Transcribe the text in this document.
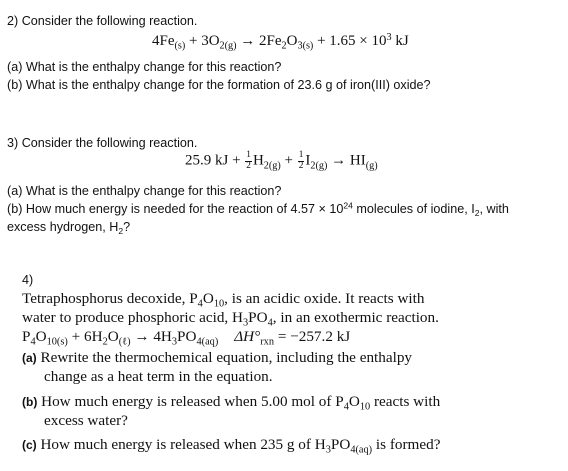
2) Consider the following reaction.
$4Fe_{(s)} + 3O_{2(g)} \to 2Fe_2O_{3(s)} + 1.65 \times 10^3$ kJ
(a) What is the enthalpy change for this reaction?
(b) What is the enthalpy change for the formation of 23.6 g of iron(III) oxide?
3) Consider the following reaction.
25.9 kJ + $\frac{1}{2} H_{2(g)} + \frac{1}{2} I_{2(g)} \to HI_{(g)}$
(a) What is the enthalpy change for this reaction?
(b) How much energy is needed for the reaction of $4.57 \times 10^{24}$ molecules of iodine, $I_2$, with
excess hydrogen, $H_2$?
4)
Tetraphosphorus decoxide, $P_4O_{10}$, is an acidic oxide. It reacts with
water to produce phosphoric acid, $H_3PO_4$, in an exothermic reaction.
$P_4O_{10(s)} + 6H_2O_{(\ell)} \to 4H_3PO_{4(aq)}$ $\Delta H^\circ_{rxn} = -257.2$ kJ
(a) Rewrite the thermochemical equation, including the enthalpy
change as a heat term in the equation.
(b) How much energy is released when 5.00 mol of $P_4O_{10}$ reacts with
excess water?
(c) How much energy is released when 235 g of $H_3PO_{4(aq)}$ is formed?
